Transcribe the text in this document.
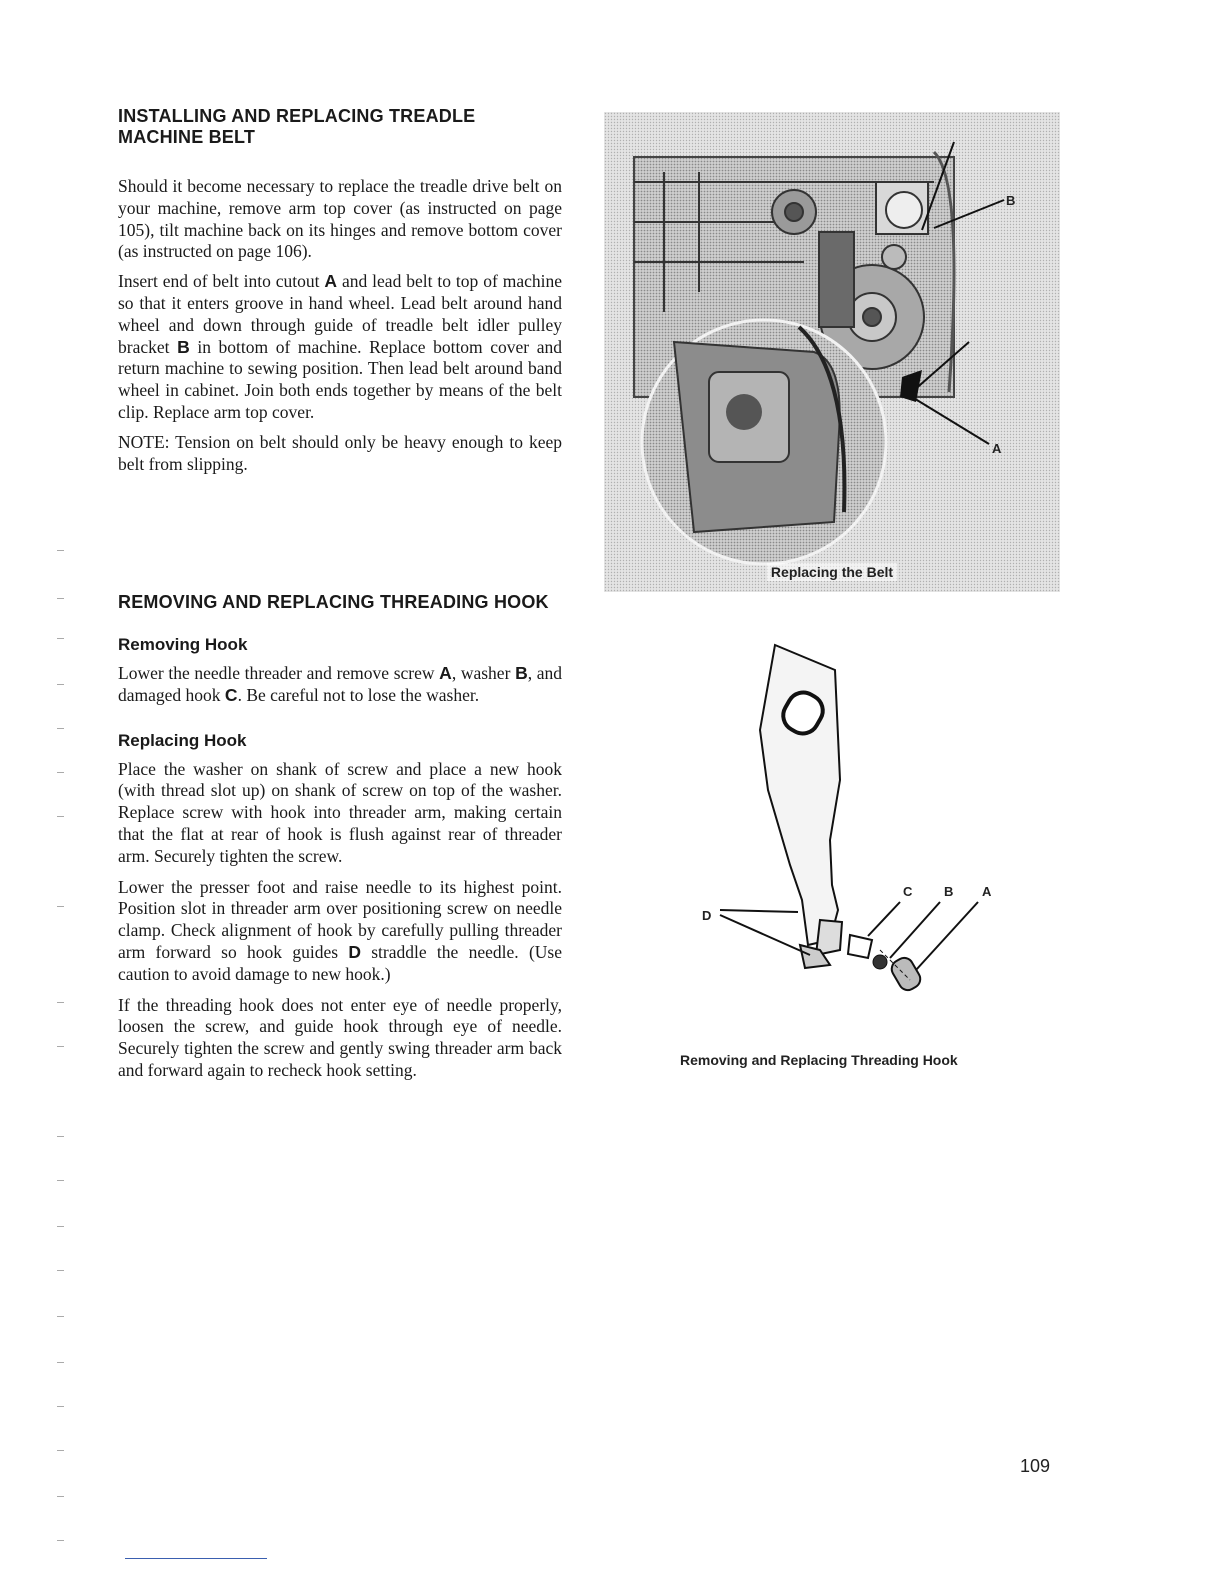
INSTALLING AND REPLACING TREADLE MACHINE BELT

Should it become necessary to replace the treadle drive belt on your machine, remove arm top cover (as instructed on page 105), tilt machine back on its hinges and remove bottom cover (as instructed on page 106).

Insert end of belt into cutout A and lead belt to top of machine so that it enters groove in hand wheel. Lead belt around hand wheel and down through guide of treadle belt idler pulley bracket B in bottom of machine. Replace bottom cover and return machine to sewing position. Then lead belt around band wheel in cabinet. Join both ends together by means of the belt clip. Replace arm top cover.

NOTE: Tension on belt should only be heavy enough to keep belt from slipping.

REMOVING AND REPLACING THREADING HOOK
Removing Hook

Lower the needle threader and remove screw A, washer B, and damaged hook C. Be careful not to lose the washer.

Replacing Hook

Place the washer on shank of screw and place a new hook (with thread slot up) on shank of screw on top of the washer. Replace screw with hook into threader arm, making certain that the flat at rear of hook is flush against rear of threader arm. Securely tighten the screw.

Lower the presser foot and raise needle to its highest point. Position slot in threader arm over positioning screw on needle clamp. Check alignment of hook by carefully pulling threader arm forward so hook guides D straddle the needle. (Use caution to avoid damage to new hook.)

If the threading hook does not enter eye of needle properly, loosen the screw, and guide hook through eye of needle. Securely tighten the screw and gently swing threader arm back and forward again to recheck hook setting.

B
A
Replacing the Belt
D
C B A
Removing and Replacing Threading Hook
109
